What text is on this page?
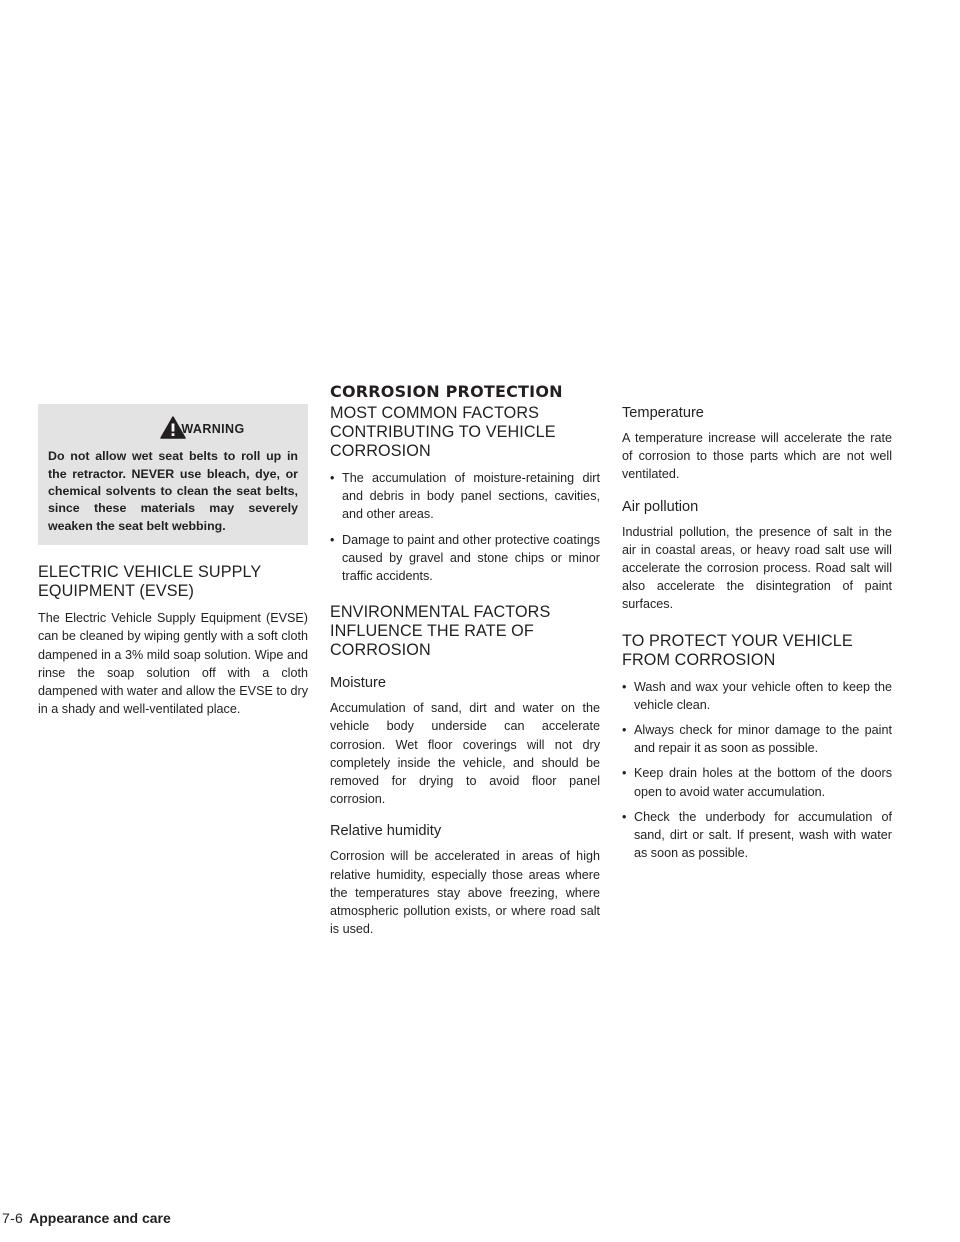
CORROSION PROTECTION
WARNING

Do not allow wet seat belts to roll up in the retractor. NEVER use bleach, dye, or chemical solvents to clean the seat belts, since these materials may severely weaken the seat belt webbing.

ELECTRIC VEHICLE SUPPLY EQUIPMENT (EVSE)

The Electric Vehicle Supply Equipment (EVSE) can be cleaned by wiping gently with a soft cloth dampened in a 3% mild soap solution. Wipe and rinse the soap solution off with a cloth dampened with water and allow the EVSE to dry in a shady and well-ventilated place.

MOST COMMON FACTORS CONTRIBUTING TO VEHICLE CORROSION
• The accumulation of moisture-retaining dirt and debris in body panel sections, cavities, and other areas.
• Damage to paint and other protective coatings caused by gravel and stone chips or minor traffic accidents.
ENVIRONMENTAL FACTORS INFLUENCE THE RATE OF CORROSION
Moisture

Accumulation of sand, dirt and water on the vehicle body underside can accelerate corrosion. Wet floor coverings will not dry completely inside the vehicle, and should be removed for drying to avoid floor panel corrosion.

Relative humidity

Corrosion will be accelerated in areas of high relative humidity, especially those areas where the temperatures stay above freezing, where atmospheric pollution exists, or where road salt is used.

Temperature

A temperature increase will accelerate the rate of corrosion to those parts which are not well ventilated.

Air pollution

Industrial pollution, the presence of salt in the air in coastal areas, or heavy road salt use will accelerate the corrosion process. Road salt will also accelerate the disintegration of paint surfaces.

TO PROTECT YOUR VEHICLE FROM CORROSION
• Wash and wax your vehicle often to keep the vehicle clean.
• Always check for minor damage to the paint and repair it as soon as possible.
• Keep drain holes at the bottom of the doors open to avoid water accumulation.
• Check the underbody for accumulation of sand, dirt or salt. If present, wash with water as soon as possible.
7-6 Appearance and care
